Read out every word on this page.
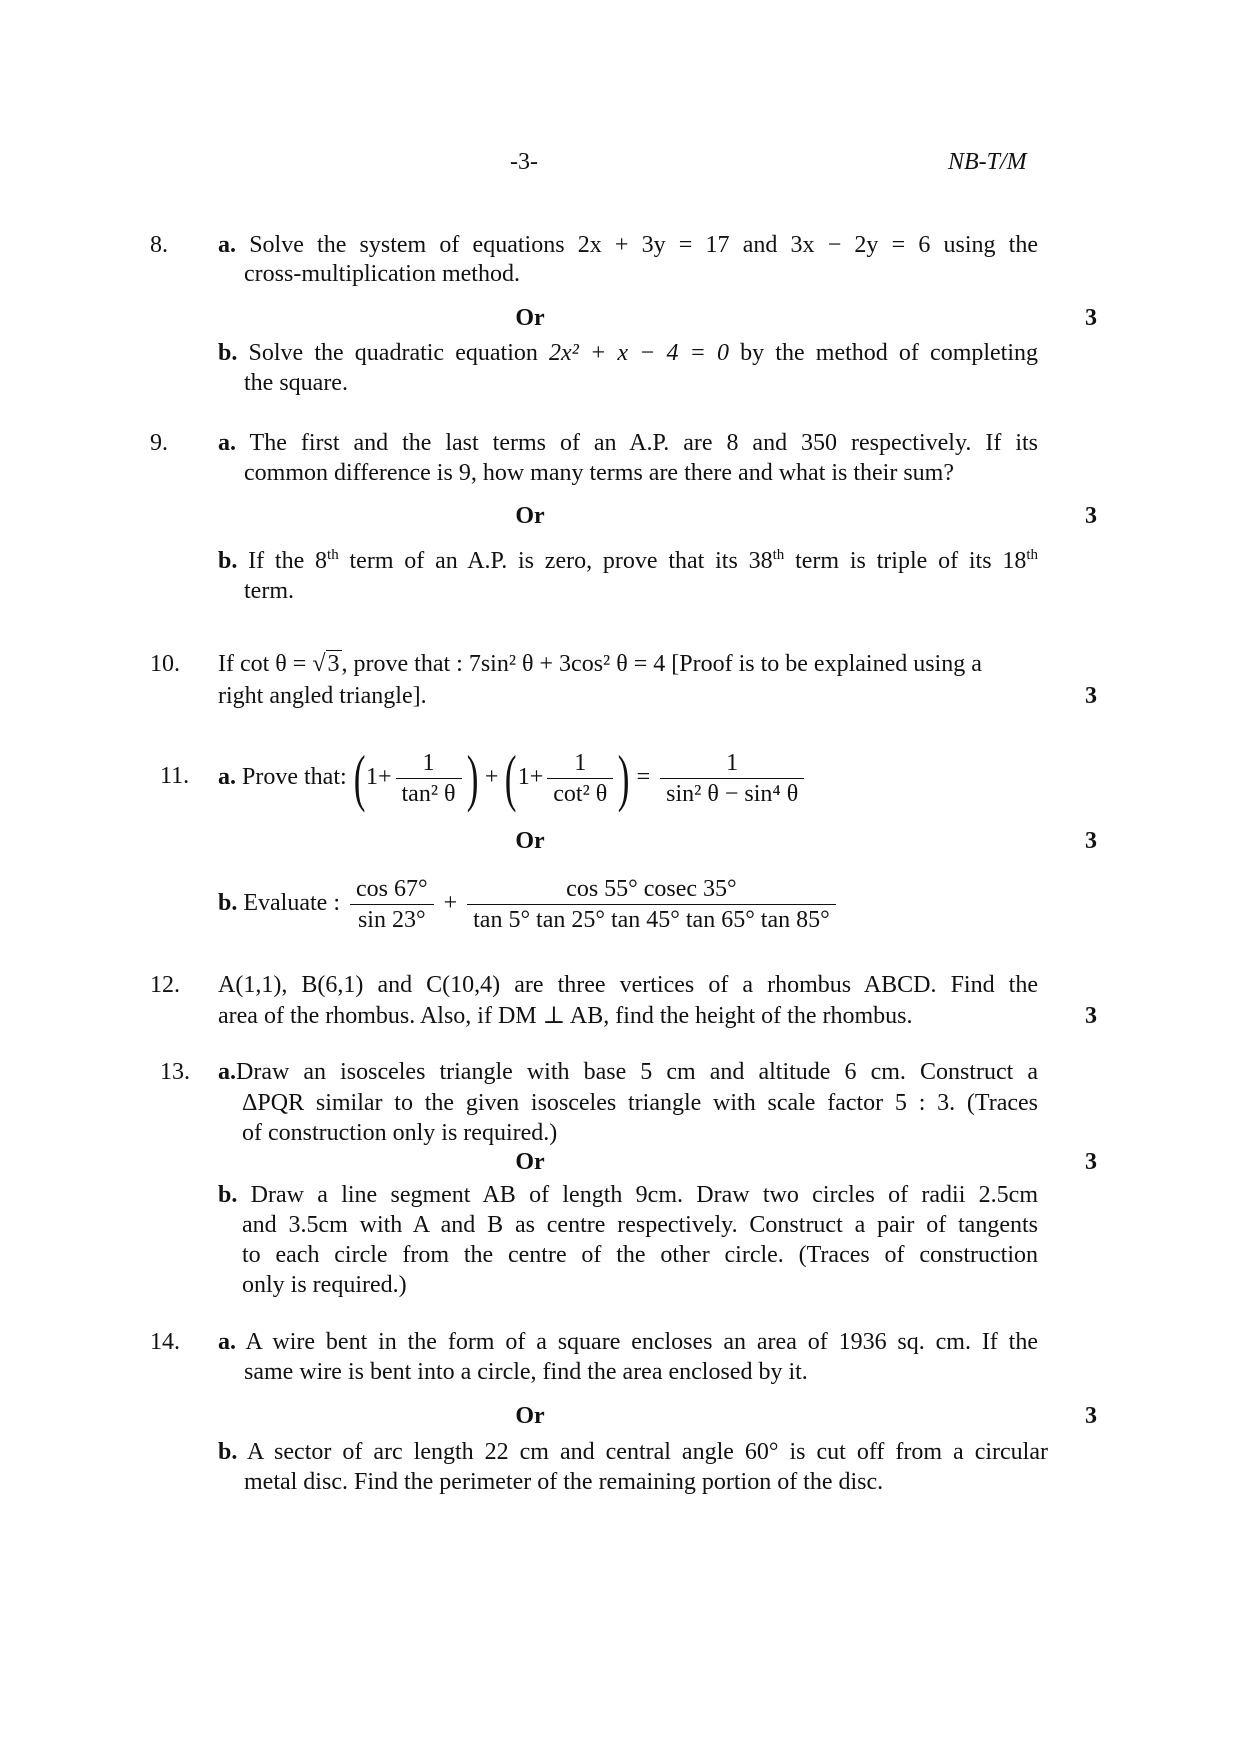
-3-	NB-T/M
8. a. Solve the system of equations 2x + 3y = 17 and 3x − 2y = 6 using the
cross-multiplication method.
Or	3
b. Solve the quadratic equation 2x² + x − 4 = 0 by the method of completing
the square.
9. a. The first and the last terms of an A.P. are 8 and 350 respectively. If its
common difference is 9, how many terms are there and what is their sum?
Or	3
b. If the 8th term of an A.P. is zero, prove that its 38th term is triple of its 18th
term.
10. If cot θ = √3, prove that : 7sin² θ + 3cos² θ = 4 [Proof is to be explained using a
right angled triangle].	3
11. a. Prove that: ($1+ \frac{1}{\text{tan² θ}}$ ) + ($1+ \frac{1}{\text{cot² θ}}$ ) = $\frac{1}{\text{sin² θ − sin⁴ θ}}$
Or	3
b. Evaluate : $\frac{\cos 67^\circ}{\sin 23^\circ} + \frac{\cos 55^\circ cosec 35^\circ}{\tan 5^\circ \tan 25^\circ \tan 45^\circ \tan 65^\circ \tan 85^\circ}$
12. A(1,1), B(6,1) and C(10,4) are three vertices of a rhombus ABCD. Find the
area of the rhombus. Also, if DM ⊥ AB, find the height of the rhombus.	3
13. a.Draw an isosceles triangle with base 5 cm and altitude 6 cm. Construct a
ΔPQR similar to the given isosceles triangle with scale factor 5 : 3. (Traces
of construction only is required.)
Or	3
b. Draw a line segment AB of length 9cm. Draw two circles of radii 2.5cm
and 3.5cm with A and B as centre respectively. Construct a pair of tangents
to each circle from the centre of the other circle. (Traces of construction
only is required.)
14. a. A wire bent in the form of a square encloses an area of 1936 sq. cm. If the
same wire is bent into a circle, find the area enclosed by it.
Or	3
b. A sector of arc length 22 cm and central angle 60° is cut off from a circular
metal disc. Find the perimeter of the remaining portion of the disc.
